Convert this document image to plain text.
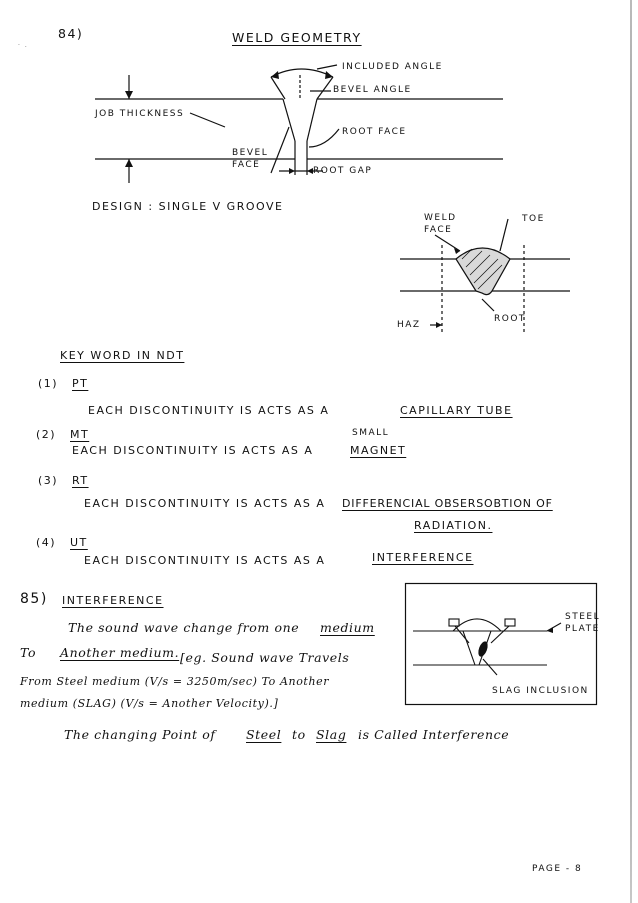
84)
· .
WELD GEOMETRY
INCLUDED ANGLE
BEVEL ANGLE
JOB THICKNESS
ROOT FACE
BEVEL
FACE
ROOT GAP
DESIGN : SINGLE V GROOVE
WELD
FACE
TOE
ROOT
HAZ
KEY WORD IN NDT
(1) PT
EACH DISCONTINUITY IS ACTS AS A	CAPILLARY TUBE
(2) MT	SMALL
EACH DISCONTINUITY IS ACTS AS A	MAGNET
(3) RT
EACH DISCONTINUITY IS ACTS AS A DIFFERENCIAL OBSERSOBTION OF
RADIATION.
(4) UT
EACH DISCONTINUITY IS ACTS AS A	INTERFERENCE
85) INTERFERENCE
The sound wave change from one medium
To Another medium. [eg. Sound wave Travels
From Steel medium (V/s = 3250m/sec) To Another
medium (SLAG) (V/s = Another Velocity).]
The changing Point of Steel to Slag is Called Interference
STEEL
PLATE
SLAG INCLUSION
PAGE - 8
